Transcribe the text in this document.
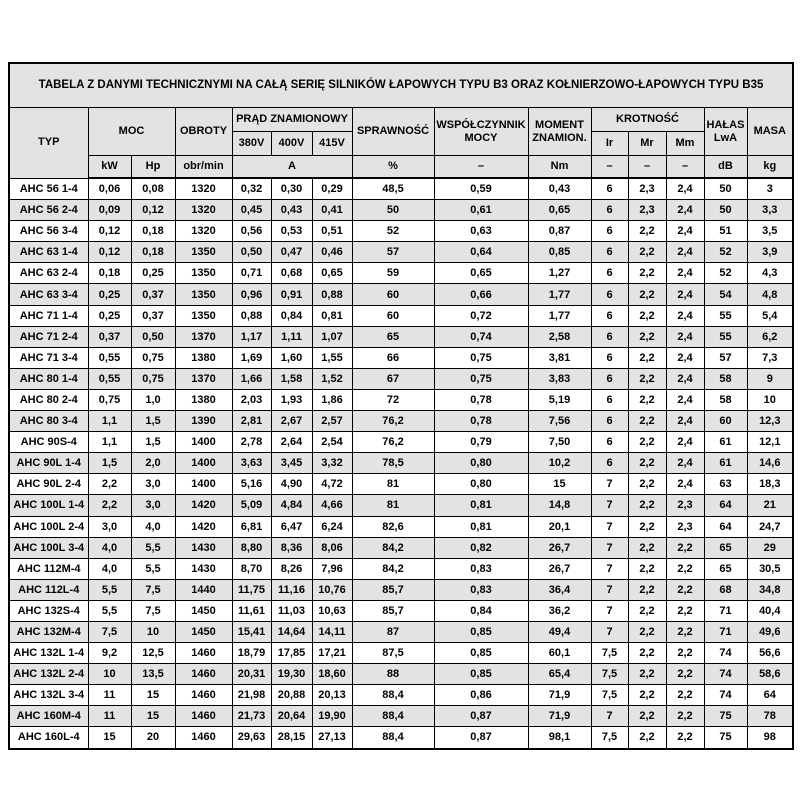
TABELA Z DANYMI TECHNICZNYMI NA CAŁĄ SERIĘ SILNIKÓW ŁAPOWYCH TYPU B3 ORAZ KOŁNIERZOWO-ŁAPOWYCH TYPU B35														
TYP	MOC		OBROTY	PRĄD ZNAMIONOWY			SPRAWNOŚĆ	WSPÓŁCZYNNIK MOCY	MOMENT ZNAMION.	KROTNOŚĆ			HAŁAS LwA	MASA
				380V	400V	415V				Ir	Mr	Mm		
	kW	Hp	obr/min	A			%	–	Nm	–	–	–	dB	kg
AHC 56 1-4	0,06	0,08	1320	0,32	0,30	0,29	48,5	0,59	0,43	6	2,3	2,4	50	3
AHC 56 2-4	0,09	0,12	1320	0,45	0,43	0,41	50	0,61	0,65	6	2,3	2,4	50	3,3
AHC 56 3-4	0,12	0,18	1320	0,56	0,53	0,51	52	0,63	0,87	6	2,2	2,4	51	3,5
AHC 63 1-4	0,12	0,18	1350	0,50	0,47	0,46	57	0,64	0,85	6	2,2	2,4	52	3,9
AHC 63 2-4	0,18	0,25	1350	0,71	0,68	0,65	59	0,65	1,27	6	2,2	2,4	52	4,3
AHC 63 3-4	0,25	0,37	1350	0,96	0,91	0,88	60	0,66	1,77	6	2,2	2,4	54	4,8
AHC 71 1-4	0,25	0,37	1350	0,88	0,84	0,81	60	0,72	1,77	6	2,2	2,4	55	5,4
AHC 71 2-4	0,37	0,50	1370	1,17	1,11	1,07	65	0,74	2,58	6	2,2	2,4	55	6,2
AHC 71 3-4	0,55	0,75	1380	1,69	1,60	1,55	66	0,75	3,81	6	2,2	2,4	57	7,3
AHC 80 1-4	0,55	0,75	1370	1,66	1,58	1,52	67	0,75	3,83	6	2,2	2,4	58	9
AHC 80 2-4	0,75	1,0	1380	2,03	1,93	1,86	72	0,78	5,19	6	2,2	2,4	58	10
AHC 80 3-4	1,1	1,5	1390	2,81	2,67	2,57	76,2	0,78	7,56	6	2,2	2,4	60	12,3
AHC 90S-4	1,1	1,5	1400	2,78	2,64	2,54	76,2	0,79	7,50	6	2,2	2,4	61	12,1
AHC 90L 1-4	1,5	2,0	1400	3,63	3,45	3,32	78,5	0,80	10,2	6	2,2	2,4	61	14,6
AHC 90L 2-4	2,2	3,0	1400	5,16	4,90	4,72	81	0,80	15	7	2,2	2,4	63	18,3
AHC 100L 1-4	2,2	3,0	1420	5,09	4,84	4,66	81	0,81	14,8	7	2,2	2,3	64	21
AHC 100L 2-4	3,0	4,0	1420	6,81	6,47	6,24	82,6	0,81	20,1	7	2,2	2,3	64	24,7
AHC 100L 3-4	4,0	5,5	1430	8,80	8,36	8,06	84,2	0,82	26,7	7	2,2	2,2	65	29
AHC 112M-4	4,0	5,5	1430	8,70	8,26	7,96	84,2	0,83	26,7	7	2,2	2,2	65	30,5
AHC 112L-4	5,5	7,5	1440	11,75	11,16	10,76	85,7	0,83	36,4	7	2,2	2,2	68	34,8
AHC 132S-4	5,5	7,5	1450	11,61	11,03	10,63	85,7	0,84	36,2	7	2,2	2,2	71	40,4
AHC 132M-4	7,5	10	1450	15,41	14,64	14,11	87	0,85	49,4	7	2,2	2,2	71	49,6
AHC 132L 1-4	9,2	12,5	1460	18,79	17,85	17,21	87,5	0,85	60,1	7,5	2,2	2,2	74	56,6
AHC 132L 2-4	10	13,5	1460	20,31	19,30	18,60	88	0,85	65,4	7,5	2,2	2,2	74	58,6
AHC 132L 3-4	11	15	1460	21,98	20,88	20,13	88,4	0,86	71,9	7,5	2,2	2,2	74	64
AHC 160M-4	11	15	1460	21,73	20,64	19,90	88,4	0,87	71,9	7	2,2	2,2	75	78
AHC 160L-4	15	20	1460	29,63	28,15	27,13	88,4	0,87	98,1	7,5	2,2	2,2	75	98
